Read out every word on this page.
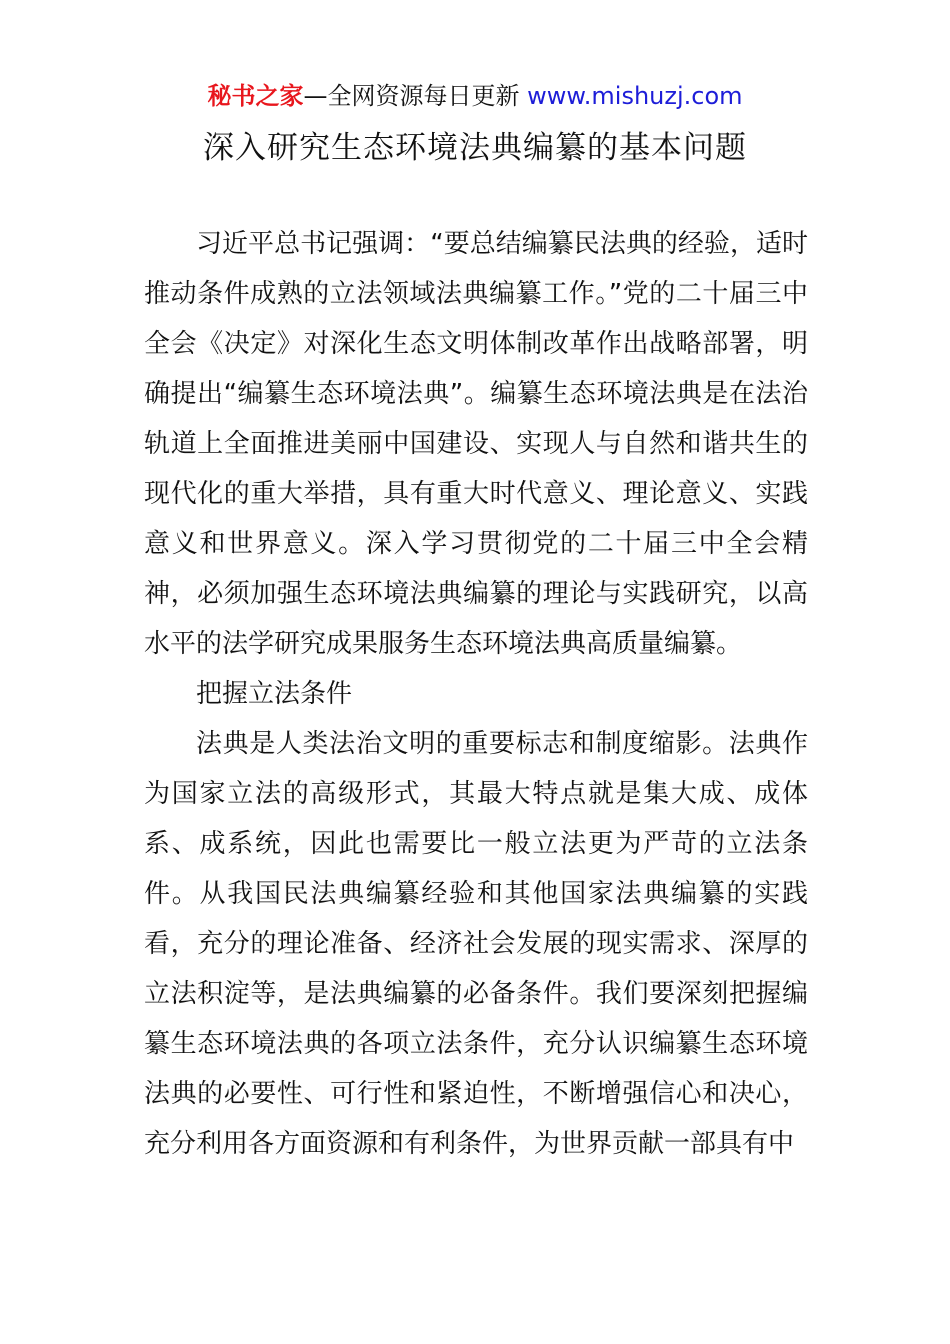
秘书之家—全网资源每日更新 www.mishuzj.com
深入研究生态环境法典编纂的基本问题

习近平总书记强调：“要总结编纂民法典的经验，适时推动条件成熟的立法领域法典编纂工作。”党的二十届三中全会《决定》对深化生态文明体制改革作出战略部署，明确提出“编纂生态环境法典”。编纂生态环境法典是在法治轨道上全面推进美丽中国建设、实现人与自然和谐共生的现代化的重大举措，具有重大时代意义、理论意义、实践意义和世界意义。深入学习贯彻党的二十届三中全会精神，必须加强生态环境法典编纂的理论与实践研究，以高水平的法学研究成果服务生态环境法典高质量编纂。

把握立法条件

法典是人类法治文明的重要标志和制度缩影。法典作为国家立法的高级形式，其最大特点就是集大成、成体系、成系统，因此也需要比一般立法更为严苛的立法条件。从我国民法典编纂经验和其他国家法典编纂的实践看，充分的理论准备、经济社会发展的现实需求、深厚的立法积淀等，是法典编纂的必备条件。我们要深刻把握编纂生态环境法典的各项立法条件，充分认识编纂生态环境法典的必要性、可行性和紧迫性，不断增强信心和决心，充分利用各方面资源和有利条件，为世界贡献一部具有中
